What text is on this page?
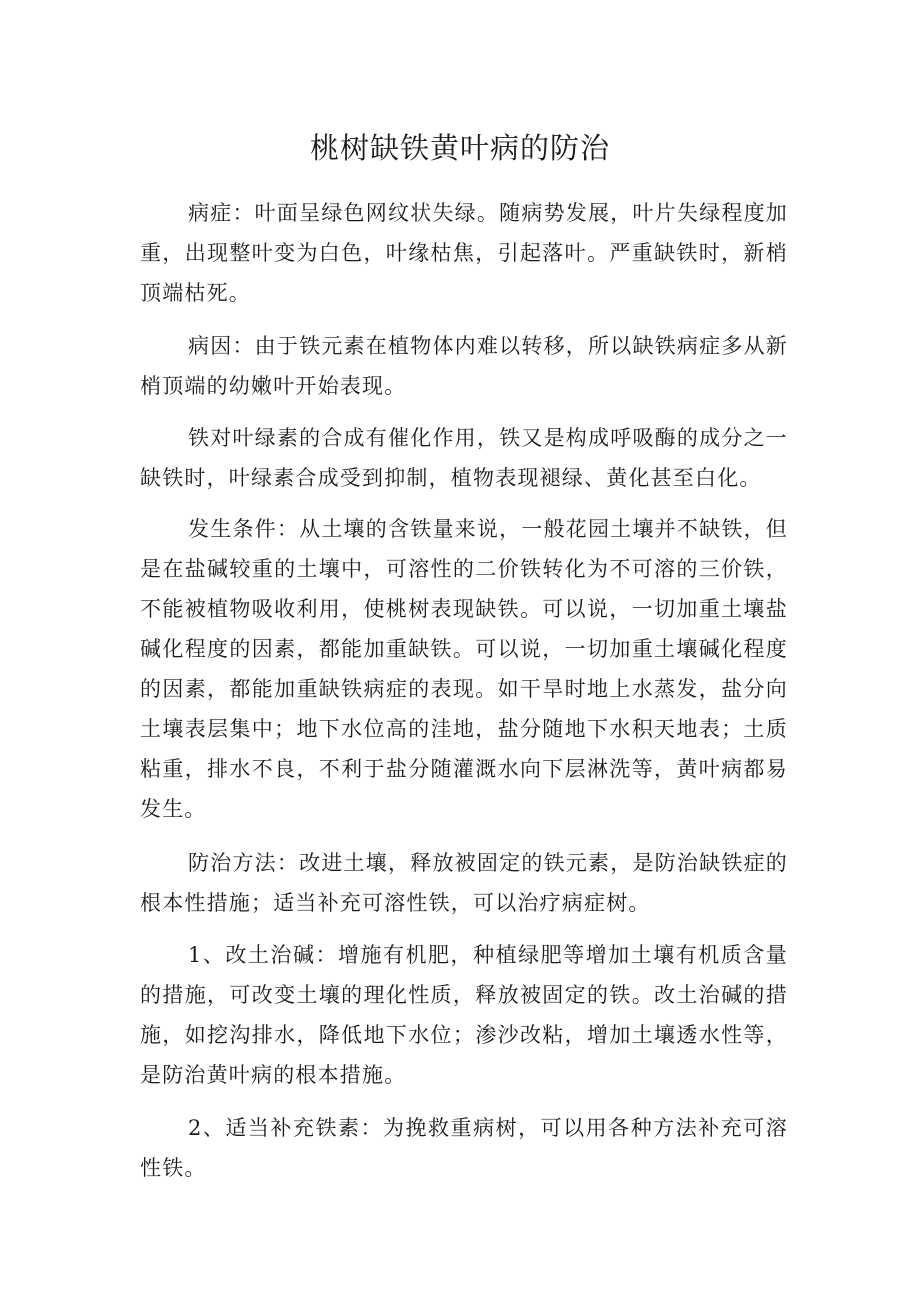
桃树缺铁黄叶病的防治

病症：叶面呈绿色网纹状失绿。随病势发展，叶片失绿程度加重，出现整叶变为白色，叶缘枯焦，引起落叶。严重缺铁时，新梢顶端枯死。

病因：由于铁元素在植物体内难以转移，所以缺铁病症多从新梢顶端的幼嫩叶开始表现。

铁对叶绿素的合成有催化作用，铁又是构成呼吸酶的成分之一缺铁时，叶绿素合成受到抑制，植物表现褪绿、黄化甚至白化。

发生条件：从土壤的含铁量来说，一般花园土壤并不缺铁，但是在盐碱较重的土壤中，可溶性的二价铁转化为不可溶的三价铁，不能被植物吸收利用，使桃树表现缺铁。可以说，一切加重土壤盐碱化程度的因素，都能加重缺铁。可以说，一切加重土壤碱化程度的因素，都能加重缺铁病症的表现。如干旱时地上水蒸发，盐分向土壤表层集中；地下水位高的洼地，盐分随地下水积天地表；土质粘重，排水不良，不利于盐分随灌溉水向下层淋洗等，黄叶病都易发生。

防治方法：改进土壤，释放被固定的铁元素，是防治缺铁症的根本性措施；适当补充可溶性铁，可以治疗病症树。

1、改土治碱：增施有机肥，种植绿肥等增加土壤有机质含量的措施，可改变土壤的理化性质，释放被固定的铁。改土治碱的措施，如挖沟排水，降低地下水位；渗沙改粘，增加土壤透水性等，是防治黄叶病的根本措施。

2、适当补充铁素：为挽救重病树，可以用各种方法补充可溶性铁。
